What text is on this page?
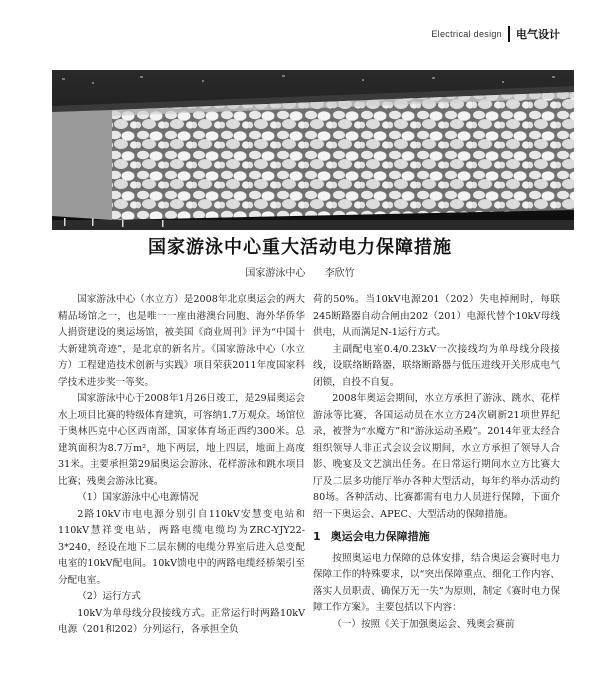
Electrical design	电气设计
国家游泳中心重大活动电力保障措施
国家游泳中心 李欣竹

国家游泳中心（水立方）是2008年北京奥运会的两大精品场馆之一，也是唯一一座由港澳台同胞、海外华侨华人捐资建设的奥运场馆，被美国《商业周刊》评为“中国十大新建筑奇迹”，是北京的新名片。《国家游泳中心（水立方）工程建造技术创新与实践》项目荣获2011年度国家科学技术进步奖一等奖。

国家游泳中心于2008年1月26日竣工，是29届奥运会水上项目比赛的特级体育建筑，可容纳1.7万观众。场馆位于奥林匹克中心区西南部，国家体育场正西约300米。总建筑面积为8.7万m²，地下两层，地上四层，地面上高度31米。主要承担第29届奥运会游泳、花样游泳和跳水项目比赛；残奥会游泳比赛。

（1）国家游泳中心电源情况

2路10kV市电电源分别引自110kV安慧变电站和110kV慧祥变电站，两路电缆电缆均为ZRC-YJY22-3*240，经设在地下二层东侧的电缆分界室后进入总变配电室的10kV配电间。10kV馈电中的两路电缆经桥架引至分配电室。

（2）运行方式

10kV为单母线分段接线方式。正常运行时两路10kV电源（201和202）分列运行，各承担全负

荷的50%。当10kV电源201（202）失电掉闸时，每联245断路器自动合闸由202（201）电源代替个10kV母线供电，从而满足N-1运行方式。

主副配电室0.4/0.23kV一次接线均为单母线分段接线，设联络断路器，联络断路器与低压进线开关形成电气闭锁，自投不自复。

2008年奥运会期间，水立方承担了游泳、跳水、花样游泳等比赛，各国运动员在水立方24次刷新21项世界纪录，被誉为“水魔方”和“游泳运动圣殿”。2014年亚太经合组织领导人非正式会议会议期间，水立方承担了领导人合影、晚宴及文艺演出任务。在日常运行期间水立方比赛大厅及二层多功能厅举办各种大型活动，每年约举办活动约80场。各种活动、比赛都需有电力人员进行保障，下面介绍一下奥运会、APEC、大型活动的保障措施。

1 奥运会电力保障措施

按照奥运电力保障的总体安排，结合奥运会赛时电力保障工作的特殊要求，以“突出保障重点、细化工作内容、落实人员职责、确保万无一失”为原则，制定《赛时电力保障工作方案》。主要包括以下内容：

（一）按照《关于加强奥运会、残奥会赛前
